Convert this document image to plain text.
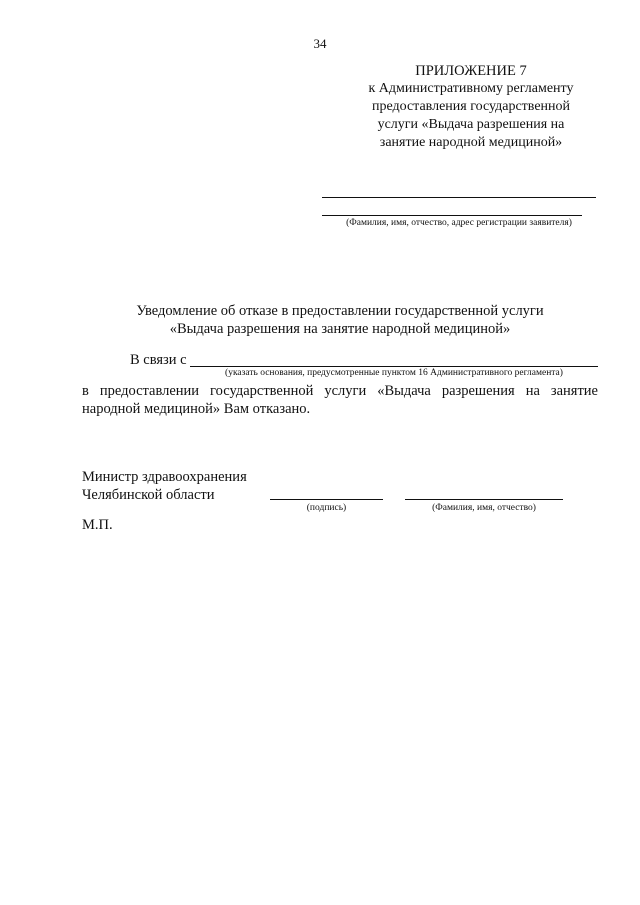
34
ПРИЛОЖЕНИЕ 7
к Административному регламенту
предоставления государственной
услуги «Выдача разрешения на
занятие народной медициной»
(Фамилия, имя, отчество, адрес регистрации заявителя)
Уведомление об отказе в предоставлении государственной услуги
«Выдача разрешения на занятие народной медициной»
В связи с
(указать основания, предусмотренные пунктом 16 Административного регламента)
в предоставлении государственной услуги «Выдача разрешения на занятие
народной медициной» Вам отказано.
Министр здравоохранения
Челябинской области
(подпись)	(Фамилия, имя, отчество)
М.П.
